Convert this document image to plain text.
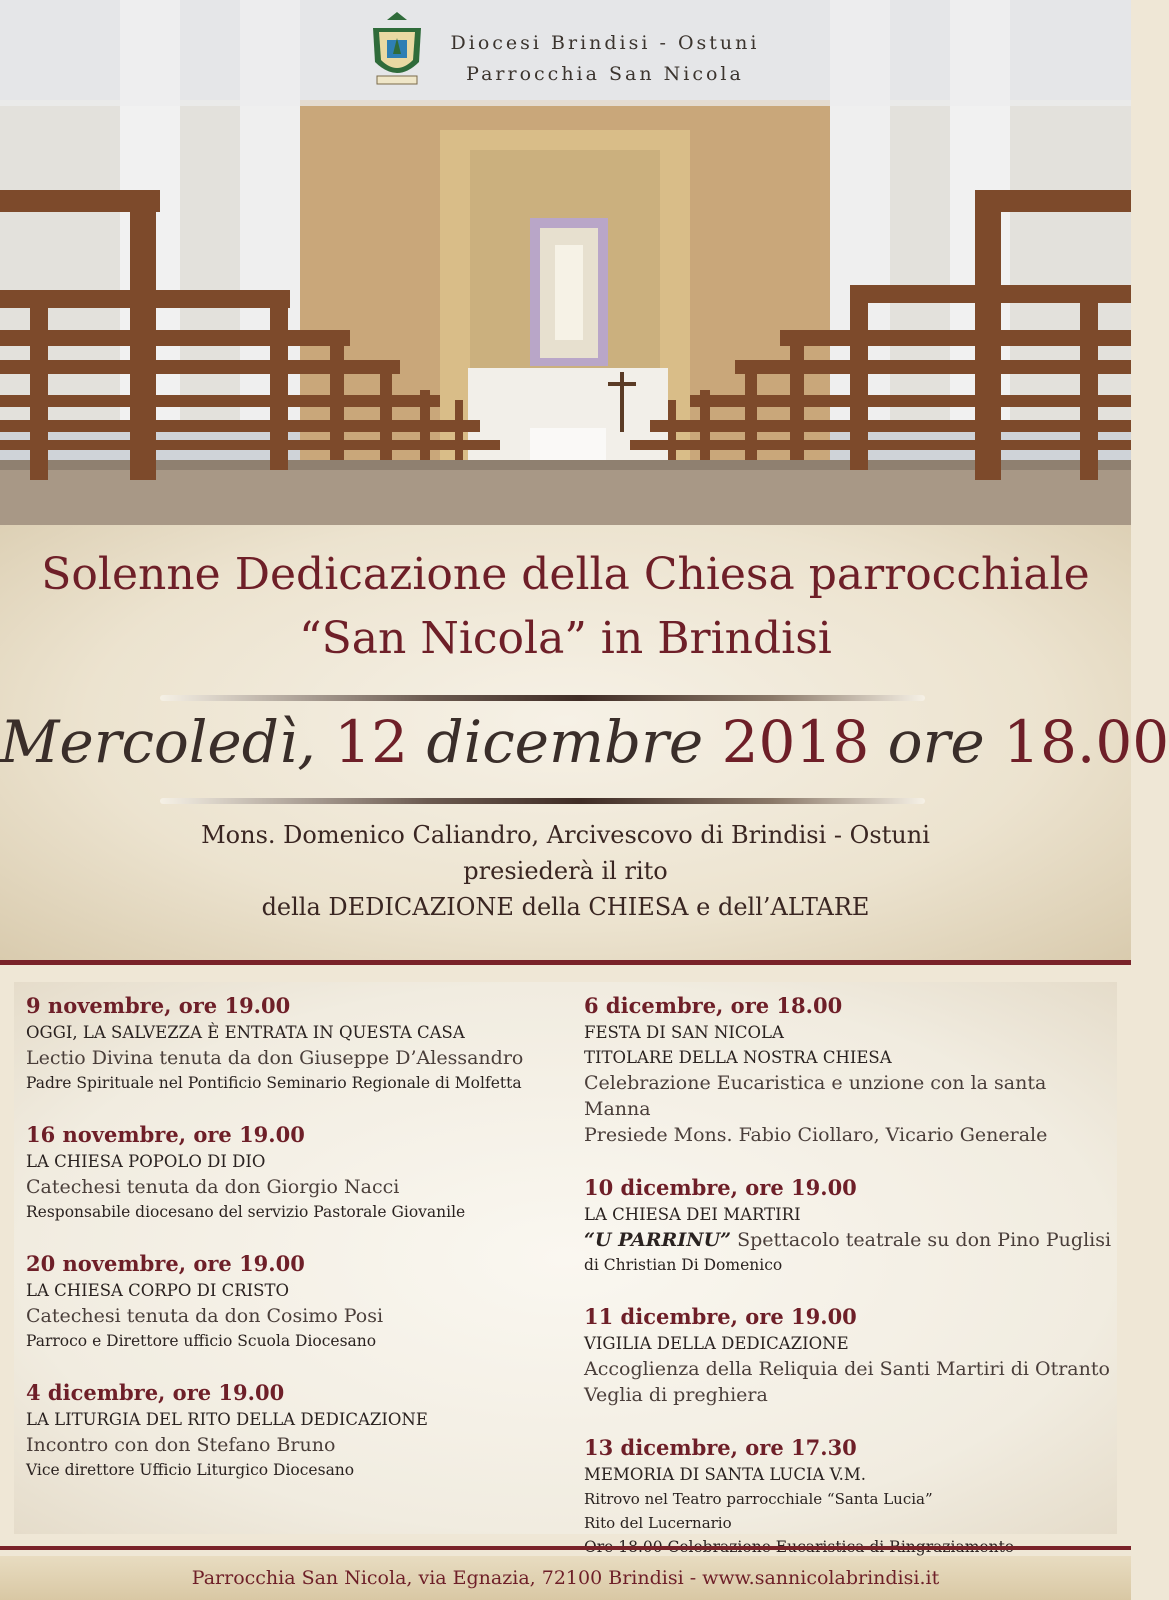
Diocesi Brindisi - Ostuni
Parrocchia San Nicola
Solenne Dedicazione della Chiesa parrocchiale
“San Nicola” in Brindisi
Mercoledì, 12 dicembre 2018 ore 18.00
Mons. Domenico Caliandro, Arcivescovo di Brindisi - Ostuni
presiederà il rito
della DEDICAZIONE della CHIESA e dell’ALTARE
9 novembre, ore 19.00
OGGI, LA SALVEZZA È ENTRATA IN QUESTA CASA
Lectio Divina tenuta da don Giuseppe D’Alessandro
Padre Spirituale nel Pontificio Seminario Regionale di Molfetta
16 novembre, ore 19.00
LA CHIESA POPOLO DI DIO
Catechesi tenuta da don Giorgio Nacci
Responsabile diocesano del servizio Pastorale Giovanile
20 novembre, ore 19.00
LA CHIESA CORPO DI CRISTO
Catechesi tenuta da don Cosimo Posi
Parroco e Direttore ufficio Scuola Diocesano
4 dicembre, ore 19.00
LA LITURGIA DEL RITO DELLA DEDICAZIONE
Incontro con don Stefano Bruno
Vice direttore Ufficio Liturgico Diocesano
6 dicembre, ore 18.00
FESTA DI SAN NICOLA
TITOLARE DELLA NOSTRA CHIESA
Celebrazione Eucaristica e unzione con la santa Manna
Presiede Mons. Fabio Ciollaro, Vicario Generale
10 dicembre, ore 19.00
LA CHIESA DEI MARTIRI
“U PARRINU” Spettacolo teatrale su don Pino Puglisi
di Christian Di Domenico
11 dicembre, ore 19.00
VIGILIA DELLA DEDICAZIONE
Accoglienza della Reliquia dei Santi Martiri di Otranto
Veglia di preghiera
13 dicembre, ore 17.30
MEMORIA DI SANTA LUCIA V.M.
Ritrovo nel Teatro parrocchiale “Santa Lucia”
Rito del Lucernario
Parrocchia San Nicola, via Egnazia, 72100 Brindisi - www.sannicolabrindisi.it
